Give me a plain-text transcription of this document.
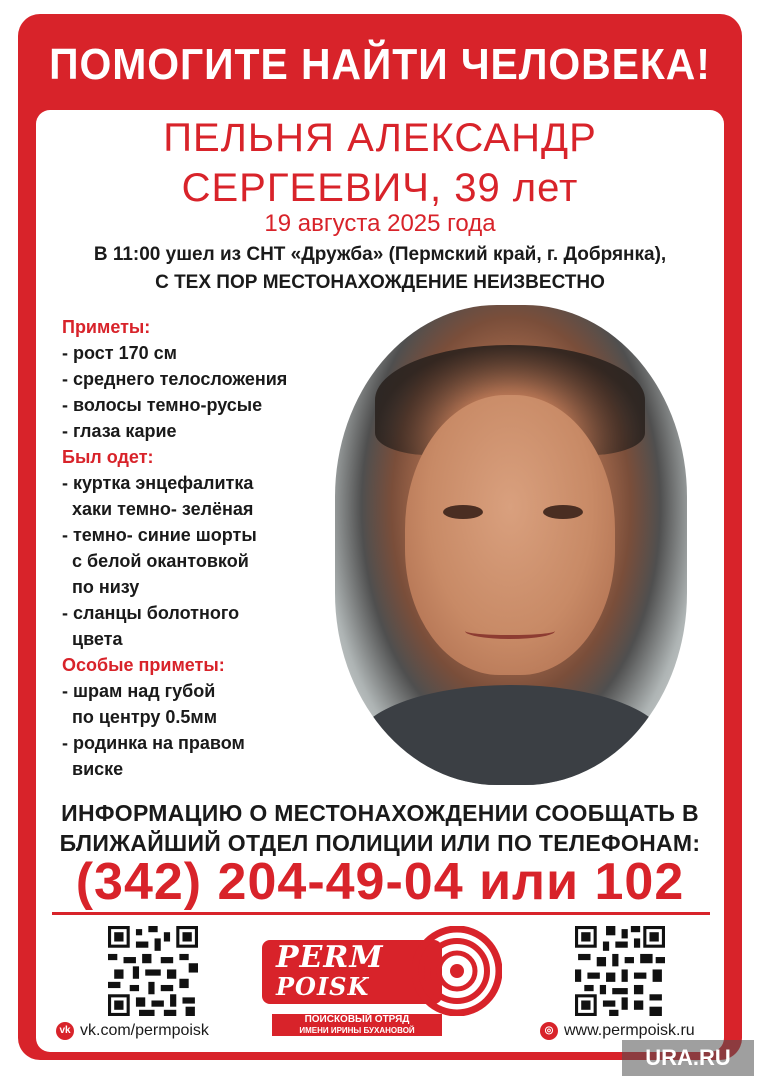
ПОМОГИТЕ НАЙТИ ЧЕЛОВЕКА!
ПЕЛЬНЯ АЛЕКСАНДР
СЕРГЕЕВИЧ, 39 лет
19 августа 2025 года
В 11:00 ушел из СНТ «Дружба» (Пермский край, г. Добрянка),
С ТЕХ ПОР МЕСТОНАХОЖДЕНИЕ НЕИЗВЕСТНО
Приметы:
- рост 170 см
- среднего телосложения
- волосы темно-русые
- глаза карие
Был одет:
- куртка энцефалитка
хаки темно- зелёная
- темно- синие шорты
с белой окантовкой
по низу
- сланцы болотного
цвета
Особые приметы:
- шрам над губой
по центру 0.5мм
- родинка на правом
виске
ИНФОРМАЦИЮ О МЕСТОНАХОЖДЕНИИ СООБЩАТЬ В
БЛИЖАЙШИЙ ОТДЕЛ ПОЛИЦИИ ИЛИ ПО ТЕЛЕФОНАМ:
(342) 204-49-04 или 102
PERM
POISK
ПОИСКОВЫЙ ОТРЯД
ИМЕНИ ИРИНЫ БУХАНОВОЙ
vk vk.com/permpoisk	◎ www.permpoisk.ru
URA.RU
